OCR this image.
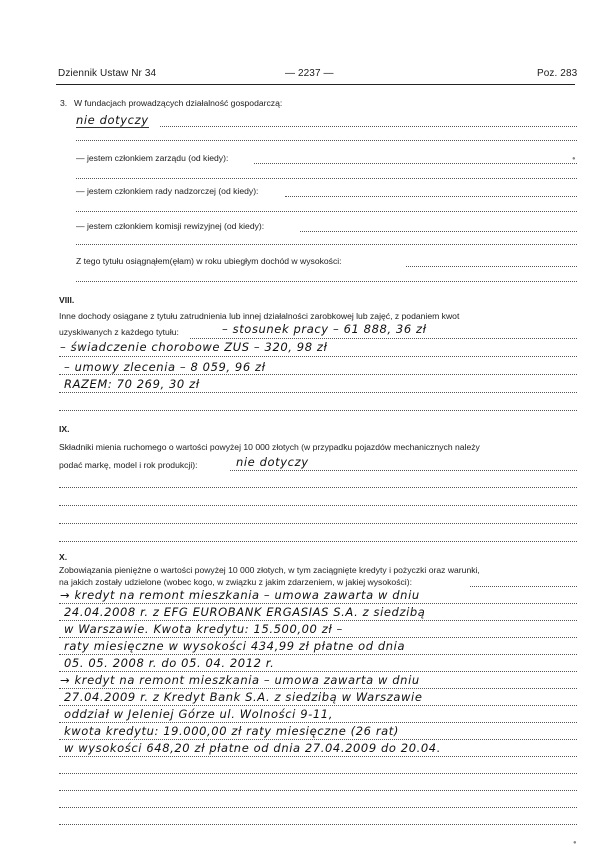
Dziennik Ustaw Nr 34	— 2237 —	Poz. 283
3. W fundacjach prowadzących działalność gospodarczą:
nie dotyczy
— jestem członkiem zarządu (od kiedy):
— jestem członkiem rady nadzorczej (od kiedy):
— jestem członkiem komisji rewizyjnej (od kiedy):
Z tego tytułu osiągnąłem(ęłam) w roku ubiegłym dochód w wysokości:
VIII.
Inne dochody osiągane z tytułu zatrudnienia lub innej działalności zarobkowej lub zajęć, z podaniem kwot
uzyskiwanych z każdego tytułu:	– stosunek pracy – 61 888, 36 zł
– świadczenie chorobowe ZUS – 320, 98 zł
– umowy zlecenia – 8 059, 96 zł
RAZEM: 70 269, 30 zł
IX.
Składniki mienia ruchomego o wartości powyżej 10 000 złotych (w przypadku pojazdów mechanicznych należy
podać markę, model i rok produkcji):	nie dotyczy
X.
Zobowiązania pieniężne o wartości powyżej 10 000 złotych, w tym zaciągnięte kredyty i pożyczki oraz warunki,
na jakich zostały udzielone (wobec kogo, w związku z jakim zdarzeniem, w jakiej wysokości):
→ kredyt na remont mieszkania – umowa zawarta w dniu
24.04.2008 r. z EFG EUROBANK ERGASIAS S.A. z siedzibą
w Warszawie. Kwota kredytu: 15.500,00 zł –
raty miesięczne w wysokości 434,99 zł płatne od dnia
05. 05. 2008 r. do 05. 04. 2012 r.
→ kredyt na remont mieszkania – umowa zawarta w dniu
27.04.2009 r. z Kredyt Bank S.A. z siedzibą w Warszawie
oddział w Jeleniej Górze ul. Wolności 9-11,
kwota kredytu: 19.000,00 zł raty miesięczne (26 rat)
w wysokości 648,20 zł płatne od dnia 27.04.2009 do 20.04.
●
●
